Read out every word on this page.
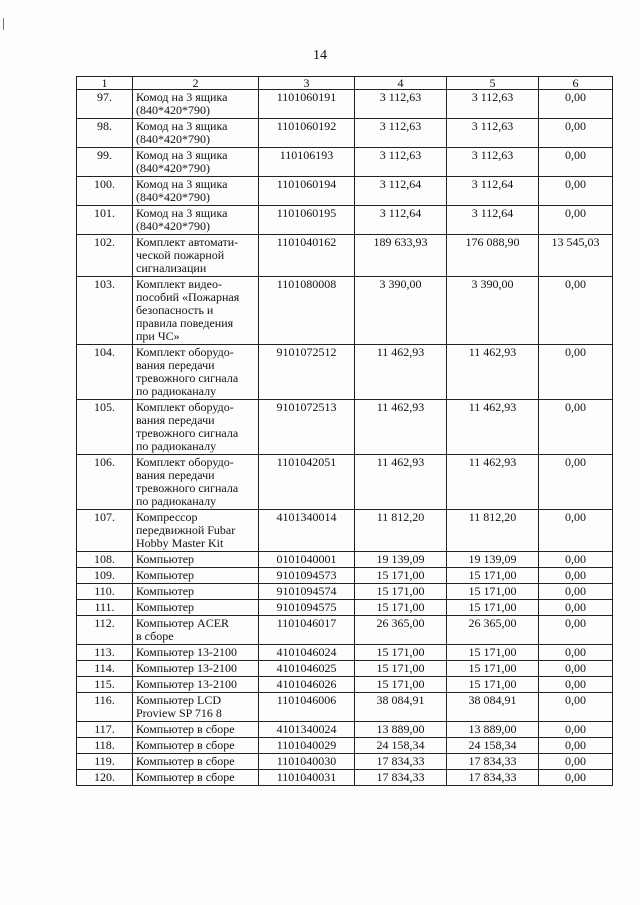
14
1	2	3	4	5	6
97.	Комод на 3 ящика
(840*420*790)	1101060191	3 112,63	3 112,63	0,00
98.	Комод на 3 ящика
(840*420*790)	1101060192	3 112,63	3 112,63	0,00
99.	Комод на 3 ящика
(840*420*790)	110106193	3 112,63	3 112,63	0,00
100.	Комод на 3 ящика
(840*420*790)	1101060194	3 112,64	3 112,64	0,00
101.	Комод на 3 ящика
(840*420*790)	1101060195	3 112,64	3 112,64	0,00
102.	Комплект автомати-
ческой пожарной
сигнализации	1101040162	189 633,93	176 088,90	13 545,03
103.	Комплект видео-
пособий «Пожарная
безопасность и
правила поведения
при ЧС»	1101080008	3 390,00	3 390,00	0,00
104.	Комплект оборудо-
вания передачи
тревожного сигнала
по радиоканалу	9101072512	11 462,93	11 462,93	0,00
105.	Комплект оборудо-
вания передачи
тревожного сигнала
по радиоканалу	9101072513	11 462,93	11 462,93	0,00
106.	Комплект оборудо-
вания передачи
тревожного сигнала
по радиоканалу	1101042051	11 462,93	11 462,93	0,00
107.	Компрессор
передвижной Fubar
Hobby Master Kit	4101340014	11 812,20	11 812,20	0,00
108.	Компьютер	0101040001	19 139,09	19 139,09	0,00
109.	Компьютер	9101094573	15 171,00	15 171,00	0,00
110.	Компьютер	9101094574	15 171,00	15 171,00	0,00
111.	Компьютер	9101094575	15 171,00	15 171,00	0,00
112.	Компьютер ACER
в сборе	1101046017	26 365,00	26 365,00	0,00
113.	Компьютер 13-2100	4101046024	15 171,00	15 171,00	0,00
114.	Компьютер 13-2100	4101046025	15 171,00	15 171,00	0,00
115.	Компьютер 13-2100	4101046026	15 171,00	15 171,00	0,00
116.	Компьютер LCD
Proview SP 716 8	1101046006	38 084,91	38 084,91	0,00
117.	Компьютер в сборе	4101340024	13 889,00	13 889,00	0,00
118.	Компьютер в сборе	1101040029	24 158,34	24 158,34	0,00
119.	Компьютер в сборе	1101040030	17 834,33	17 834,33	0,00
120.	Компьютер в сборе	1101040031	17 834,33	17 834,33	0,00
